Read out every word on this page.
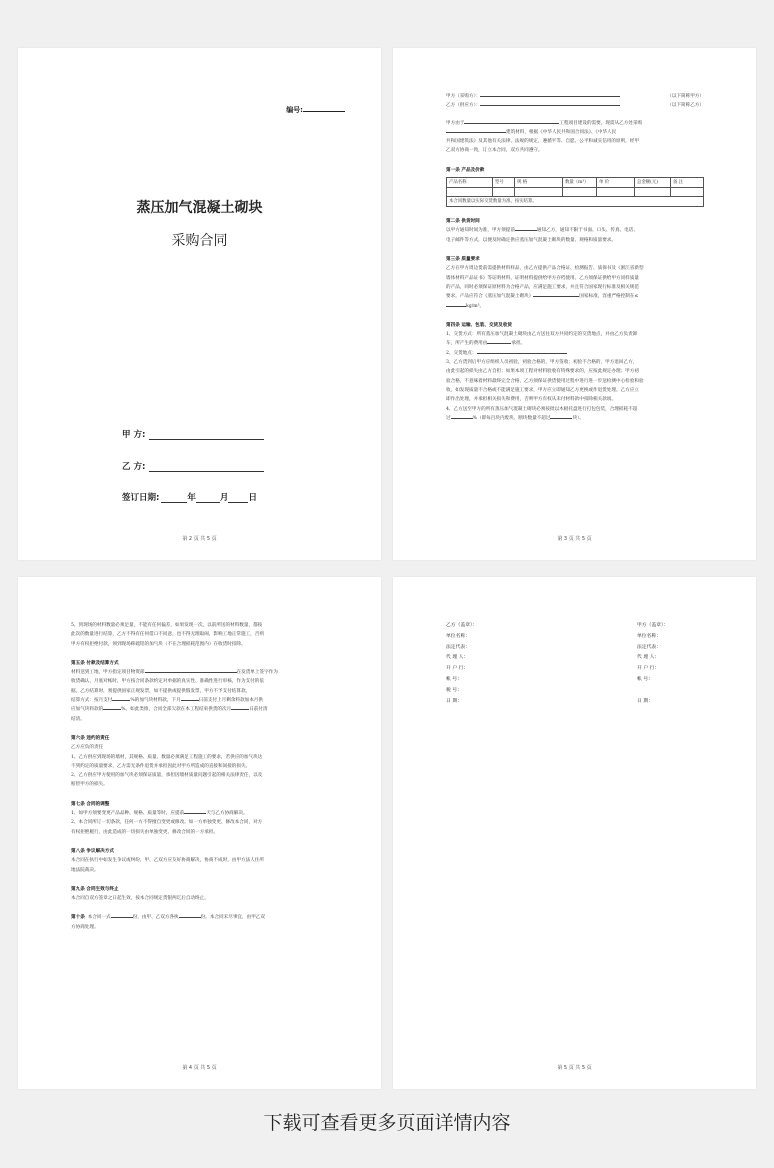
编号:
蒸压加气混凝土砌块
采购合同
甲 方:
乙 方:
签订日期:	年	月 日
第 2 页 共 5 页
甲方（采购方）：	（以下简称甲方）
乙方（供应方）：	（以下简称乙方）

甲方由于	工程项目建设的需要，现需从乙方处采购

建筑材料，根据《中华人民共和国合同法》、《中华人民

共和国建筑法》及其他有关法律、法规的规定，遵循平等、自愿、公平和诚实信用的原则，经甲

乙双方协商一致，订立本合同，双方共同遵守。

第一条 产品及价款

产品名称	型号	规 格	数量（m³）	单 价	总金额(元)	备 注

本合同数量以实际交货数量为准，按实结算。						

第二条 供货时间

以甲方通知时间为准，甲方须提前	通知乙方，通知不限于书面、口头、传真、电话、

电子邮件等方式，以便及时确定供应蒸压加气混凝土砌块的数量、规格和质量要求。

第三条 质量要求

乙方在甲方周边货前需提供材料样品，由乙方提供产品合格证、检测报告、质保书及《浙江省新型

墙体材料产品证书》等证明材料，证明材料提供给甲方存档使用。乙方须保证供给甲方同样质量

的产品，同时必须保证原材料为合格产品，应满足施工要求，并且符合国家现行标准及相关规范

要求，产品应符合《蒸压加气混凝土砌块》	国家标准，容重严格控制在≤

kg/m³。

第四条 运输、包装、交货及收货

1、交货方式：所有蒸压加气混凝土砌块由乙方送往双方共同约定的交货地点，并由乙方负责卸

车，所产生的费用由	承担。

2、交货地点：

3、乙方货到后甲方应组织人员初验，初验合格的，甲方签收；初验不合格的，甲方退回乙方，

由此引起的损失由乙方自担；如果本项工程对材料验收有特殊要求的，应按此规定办理；甲方初

验合格，不意味着材料最终完全合格，乙方须保证供货使用过程中进行进一步送检测中心检验和验

收，如发现质量不合格或不能满足施工要求，甲方应立即通知乙方更换或作退货处理。乙方应立

即作出处理，并承担相关损失和费用，否则甲方有权从未付材料款中扣除相关款项。

4、乙方送至甲方的所有蒸压加气混凝土砌块必须按批以木板托盘进行打包包装，合理损耗不超

过	%（即每百块内废块、断块数量不超过	块）。

第 3 页 共 5 页

5、到现场的材料数量必须足量，不能有任何偏差，如果发现一次，以前所送的材料数量，都按

此次的数量进行结算，乙方不得有任何借口不同意，也不得无理取闹，影响工地正常施工，否则

甲方有权拒绝付款，须到现场称硫铝的加气块（不在合理损耗范围内）在收货时扣除。

第五条 付款及结算方式

材料送到工地，甲方指定项目物资部	在发货单上签字作为

收货确认，月底对帐时，甲方按合同条款约定对单据的真实性、准确性进行审核，作为支付的依

据。乙方结算时，须提供国家正规发票，如不提供或提供假发票，甲方不予支付结算款。

结算方式：按月支付	%的加气块材料款，下月	日前支付上月剩余料款加本月供

应加气块料款的	%。如此类推，合同全部欠款在本工程结束供货的次月	日前付清

结清。

第六条 违约的责任

乙方应负的责任

1、乙方供应到现场的墙材，其规格、质量、数量必须满足工程施工的要求，若供应的加气块达

不到约定的质量要求，乙方需无条件退货并承担因此对甲方所造成的直接和间接的损失。

2、乙方供应甲方使用的加气块必须保证质量，承担因墙材质量问题引起的相关法律责任，以及

赔偿甲方的损失。

第七条 合同的调整

1、如甲方须要变更产品品种、规格、质量等时，应提前	天与乙方协商解决。

2、本合同所订一切条款，任何一方不得擅自变更或修改。如一方单独变更、修改本合同，对方

有权拒绝履行，由此造成的一切损失由单独变更、修改合同的一方承担。

第八条 争议解决方式

本合同在执行中如发生争议或纠纷，甲、乙双方应友好协商解决，协商不成时，由甲方法人住所

地法院裁决。

第九条 合同生效与终止

本合同自双方签章之日起生效，按本合同规定货银两讫后自动终止。

第十条 本合同一式	份，由甲、乙双方各执	份。本合同未尽事宜，由甲乙双

方协商处理。

第 4 页 共 5 页

乙方（盖章）：

单位名称：

法定代表：

代 理 人：

开 户 行：

帐 号：

税 号：

日 期：

甲方（盖章）：

单位名称：

法定代表：

代 理 人：

开 户 行：

帐 号：

日 期：

第 5 页 共 5 页
下载可查看更多页面详情内容
